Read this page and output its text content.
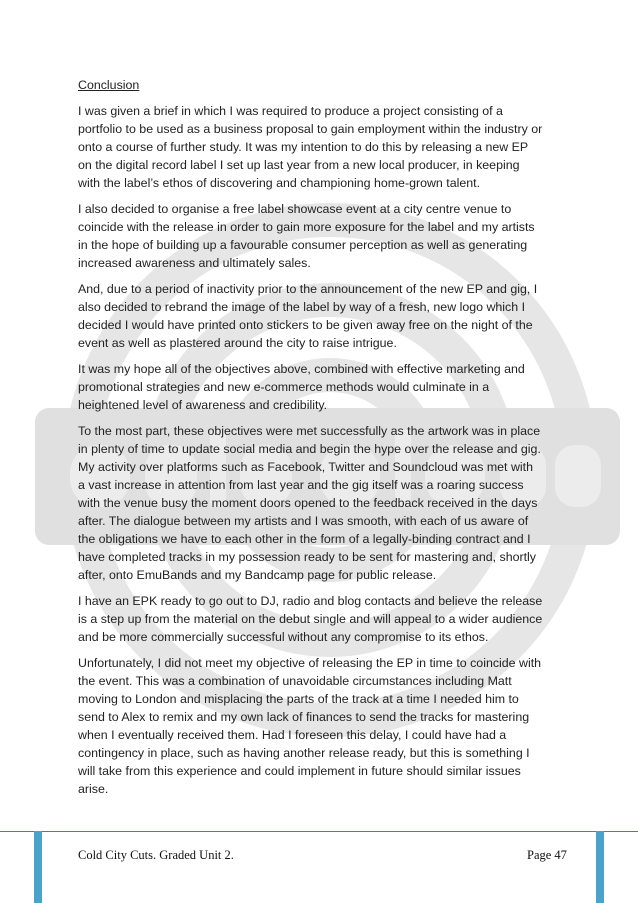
Conclusion
I was given a brief in which I was required to produce a project consisting of a
portfolio to be used as a business proposal to gain employment within the industry or
onto a course of further study. It was my intention to do this by releasing a new EP
on the digital record label I set up last year from a new local producer, in keeping
with the label’s ethos of discovering and championing home-grown talent.
I also decided to organise a free label showcase event at a city centre venue to
coincide with the release in order to gain more exposure for the label and my artists
in the hope of building up a favourable consumer perception as well as generating
increased awareness and ultimately sales.
And, due to a period of inactivity prior to the announcement of the new EP and gig, I
also decided to rebrand the image of the label by way of a fresh, new logo which I
decided I would have printed onto stickers to be given away free on the night of the
event as well as plastered around the city to raise intrigue.
It was my hope all of the objectives above, combined with effective marketing and
promotional strategies and new e-commerce methods would culminate in a
heightened level of awareness and credibility.
To the most part, these objectives were met successfully as the artwork was in place
in plenty of time to update social media and begin the hype over the release and gig.
My activity over platforms such as Facebook, Twitter and Soundcloud was met with
a vast increase in attention from last year and the gig itself was a roaring success
with the venue busy the moment doors opened to the feedback received in the days
after. The dialogue between my artists and I was smooth, with each of us aware of
the obligations we have to each other in the form of a legally-binding contract and I
have completed tracks in my possession ready to be sent for mastering and, shortly
after, onto EmuBands and my Bandcamp page for public release.
I have an EPK ready to go out to DJ, radio and blog contacts and believe the release
is a step up from the material on the debut single and will appeal to a wider audience
and be more commercially successful without any compromise to its ethos.
Unfortunately, I did not meet my objective of releasing the EP in time to coincide with
the event. This was a combination of unavoidable circumstances including Matt
moving to London and misplacing the parts of the track at a time I needed him to
send to Alex to remix and my own lack of finances to send the tracks for mastering
when I eventually received them. Had I foreseen this delay, I could have had a
contingency in place, such as having another release ready, but this is something I
will take from this experience and could implement in future should similar issues
arise.
Cold City Cuts. Graded Unit 2.	Page 47
